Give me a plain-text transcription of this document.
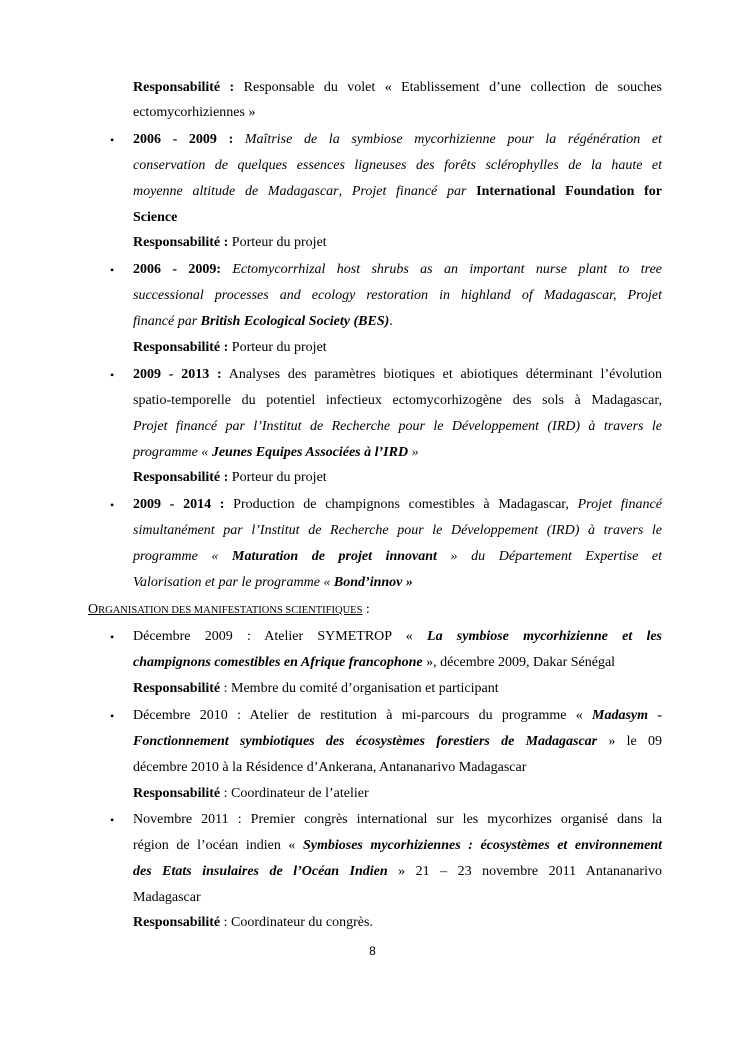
Responsabilité : Responsable du volet « Etablissement d’une collection de souches
ectomycorhiziennes »
•	2006 - 2009 : Maîtrise de la symbiose mycorhizienne pour la régénération et
conservation de quelques essences ligneuses des forêts sclérophylles de la haute et
moyenne altitude de Madagascar, Projet financé par International Foundation for
Science
Responsabilité : Porteur du projet
•	2006 - 2009: Ectomycorrhizal host shrubs as an important nurse plant to tree
successional processes and ecology restoration in highland of Madagascar, Projet
financé par British Ecological Society (BES).
Responsabilité : Porteur du projet
•	2009 - 2013 : Analyses des paramètres biotiques et abiotiques déterminant l’évolution
spatio-temporelle du potentiel infectieux ectomycorhizogène des sols à Madagascar,
Projet financé par l’Institut de Recherche pour le Développement (IRD) à travers le
programme « Jeunes Equipes Associées à l’IRD »
Responsabilité : Porteur du projet
•	2009 - 2014 : Production de champignons comestibles à Madagascar, Projet financé
simultanément par l’Institut de Recherche pour le Développement (IRD) à travers le
programme « Maturation de projet innovant » du Département Expertise et
Valorisation et par le programme « Bond’innov »
ORGANISATION DES MANIFESTATIONS SCIENTIFIQUES :
•	Décembre 2009 : Atelier SYMETROP « La symbiose mycorhizienne et les
champignons comestibles en Afrique francophone », décembre 2009, Dakar Sénégal
Responsabilité : Membre du comité d’organisation et participant
•	Décembre 2010 : Atelier de restitution à mi-parcours du programme « Madasym -
Fonctionnement symbiotiques des écosystèmes forestiers de Madagascar » le 09
décembre 2010 à la Résidence d’Ankerana, Antananarivo Madagascar
Responsabilité : Coordinateur de l’atelier
•	Novembre 2011 : Premier congrès international sur les mycorhizes organisé dans la
région de l’océan indien « Symbioses mycorhiziennes : écosystèmes et environnement
des Etats insulaires de l’Océan Indien » 21 – 23 novembre 2011 Antananarivo
Madagascar
Responsabilité : Coordinateur du congrès.
8
